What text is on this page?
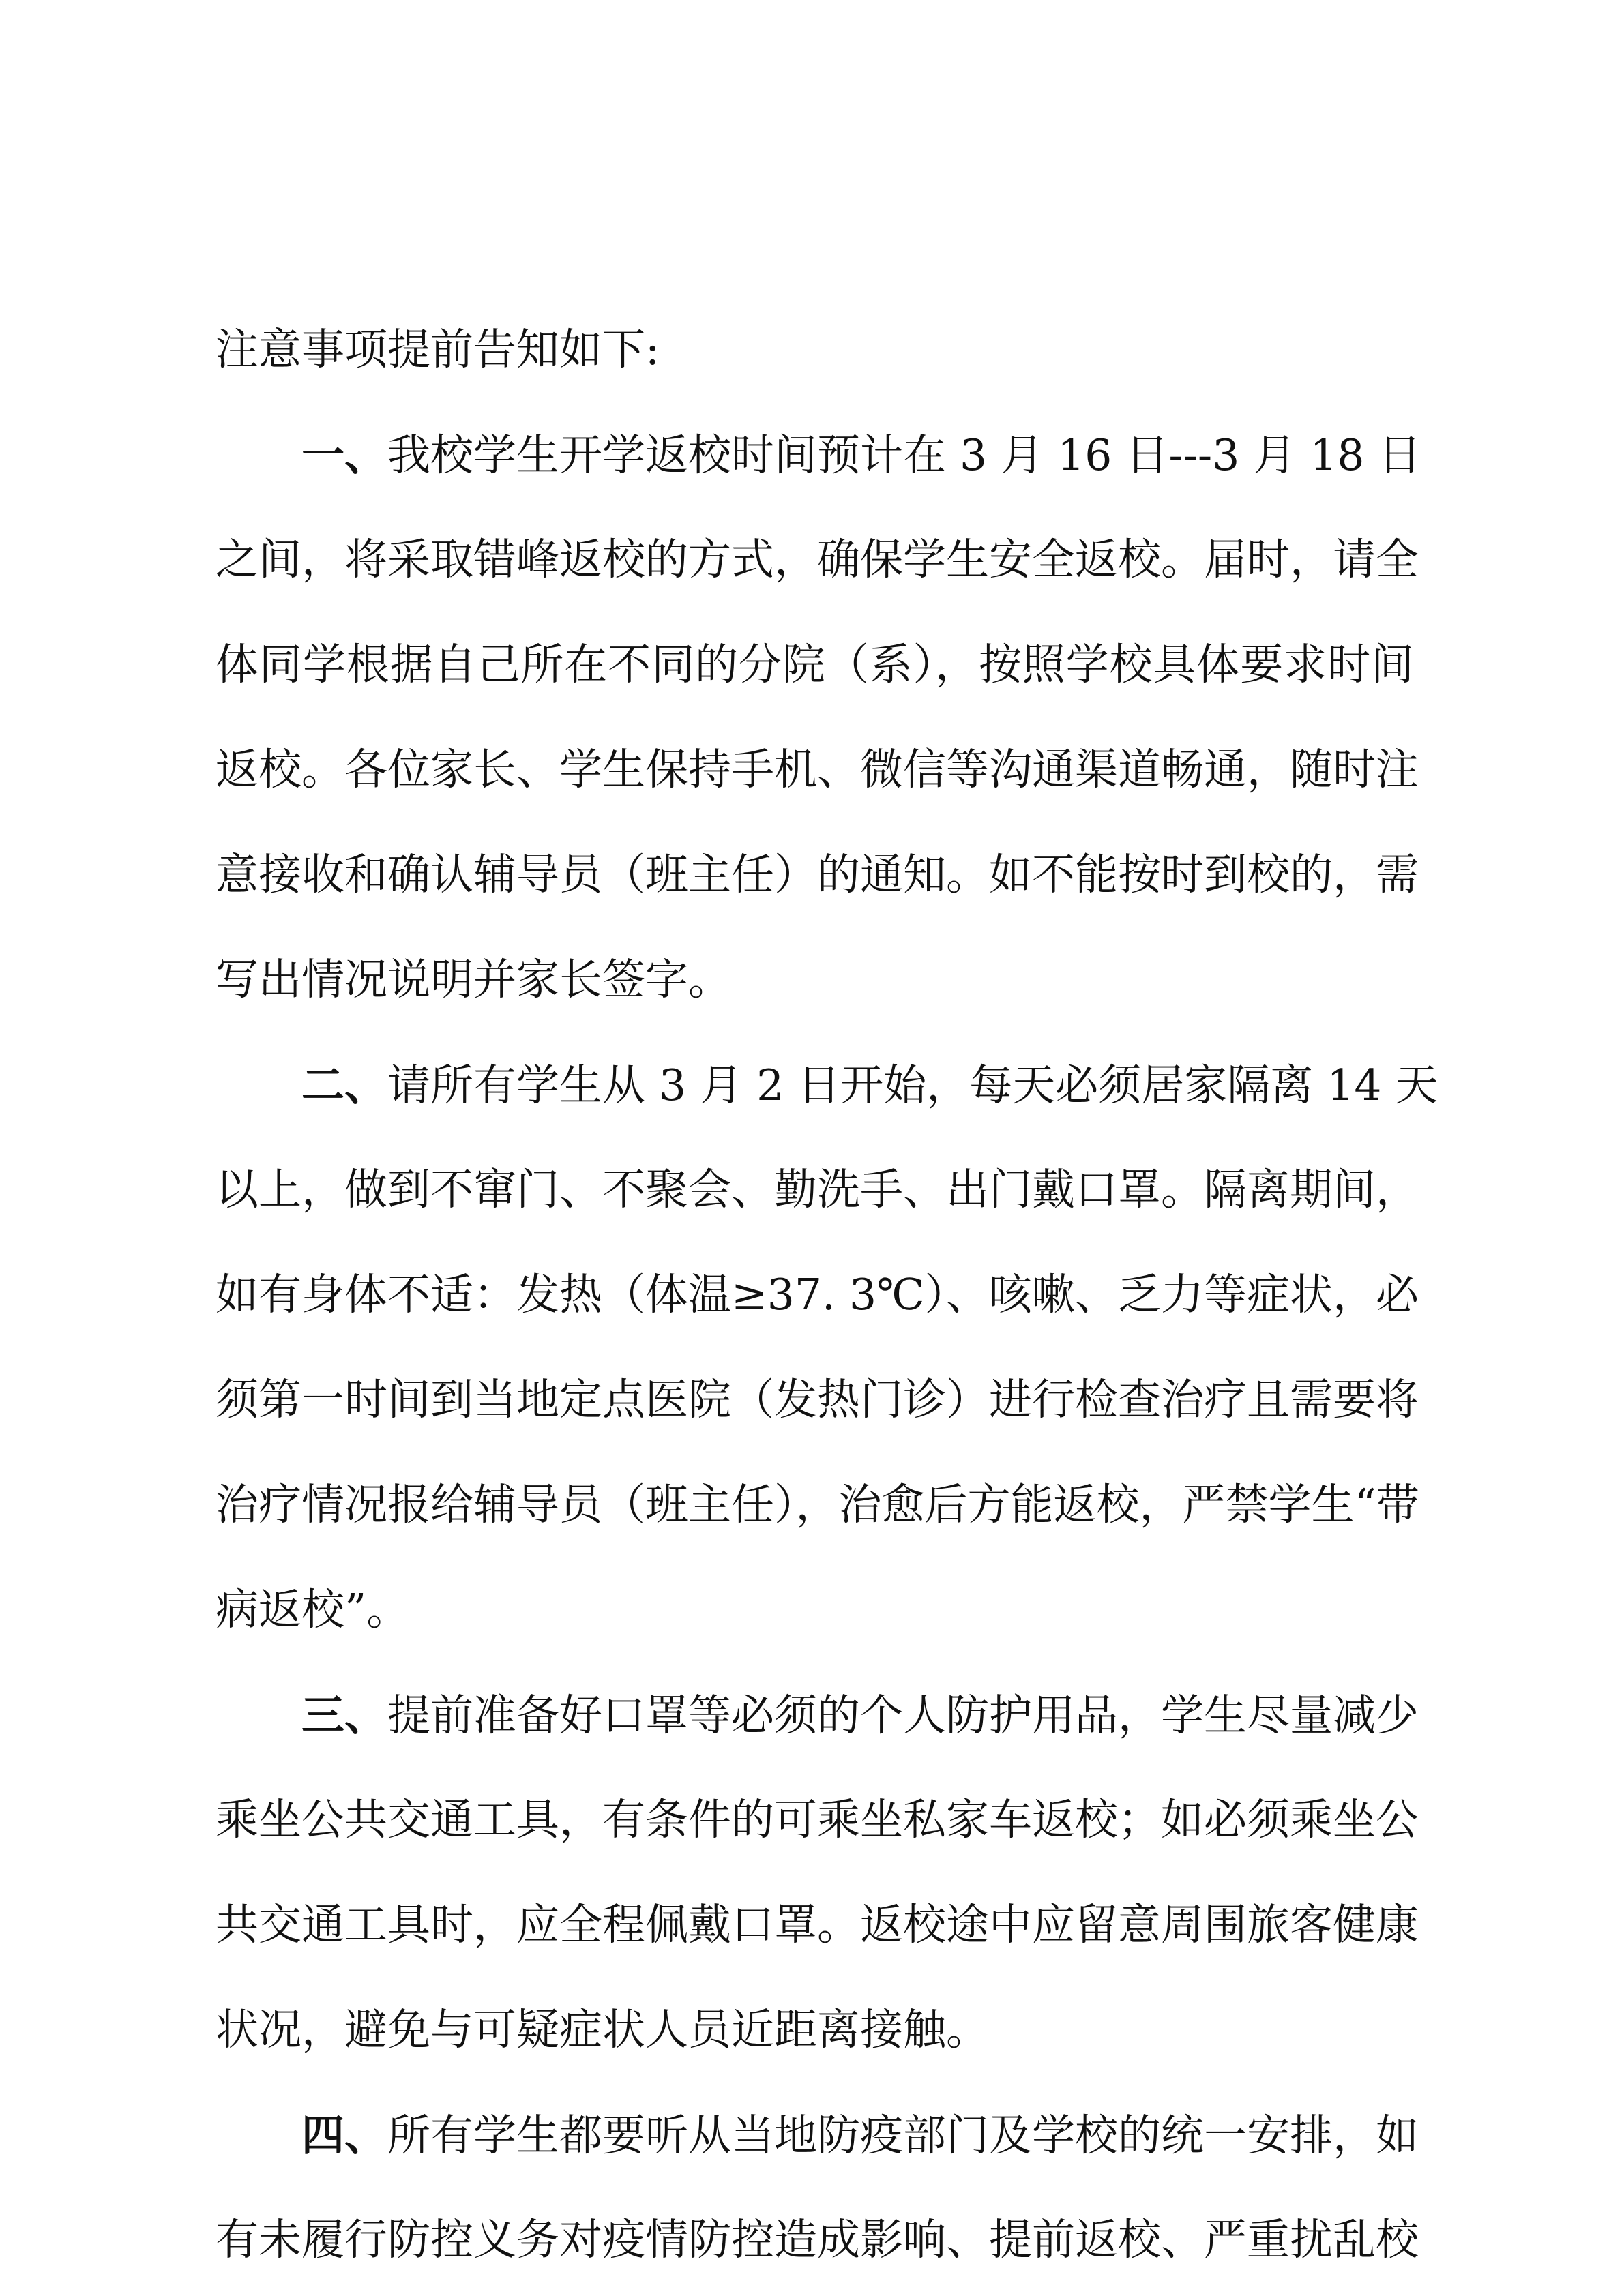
注意事项提前告知如下:
一、我校学生开学返校时间预计在 3 月 16 日---3 月 18 日
之间，将采取错峰返校的方式，确保学生安全返校。届时，请全
体同学根据自己所在不同的分院（系），按照学校具体要求时间
返校。各位家长、学生保持手机、微信等沟通渠道畅通，随时注
意接收和确认辅导员（班主任）的通知。如不能按时到校的，需
写出情况说明并家长签字。
二、请所有学生从 3 月 2 日开始，每天必须居家隔离 14 天
以上，做到不窜门、不聚会、勤洗手、出门戴口罩。隔离期间，
如有身体不适：发热（体温≥37. 3℃）、咳嗽、乏力等症状，必
须第一时间到当地定点医院（发热门诊）进行检查治疗且需要将
治疗情况报给辅导员（班主任），治愈后方能返校，严禁学生“带
病返校”。
三、提前准备好口罩等必须的个人防护用品，学生尽量减少
乘坐公共交通工具，有条件的可乘坐私家车返校；如必须乘坐公
共交通工具时，应全程佩戴口罩。返校途中应留意周围旅客健康
状况，避免与可疑症状人员近距离接触。
四、所有学生都要听从当地防疫部门及学校的统一安排，如
有未履行防控义务对疫情防控造成影响、提前返校、严重扰乱校
